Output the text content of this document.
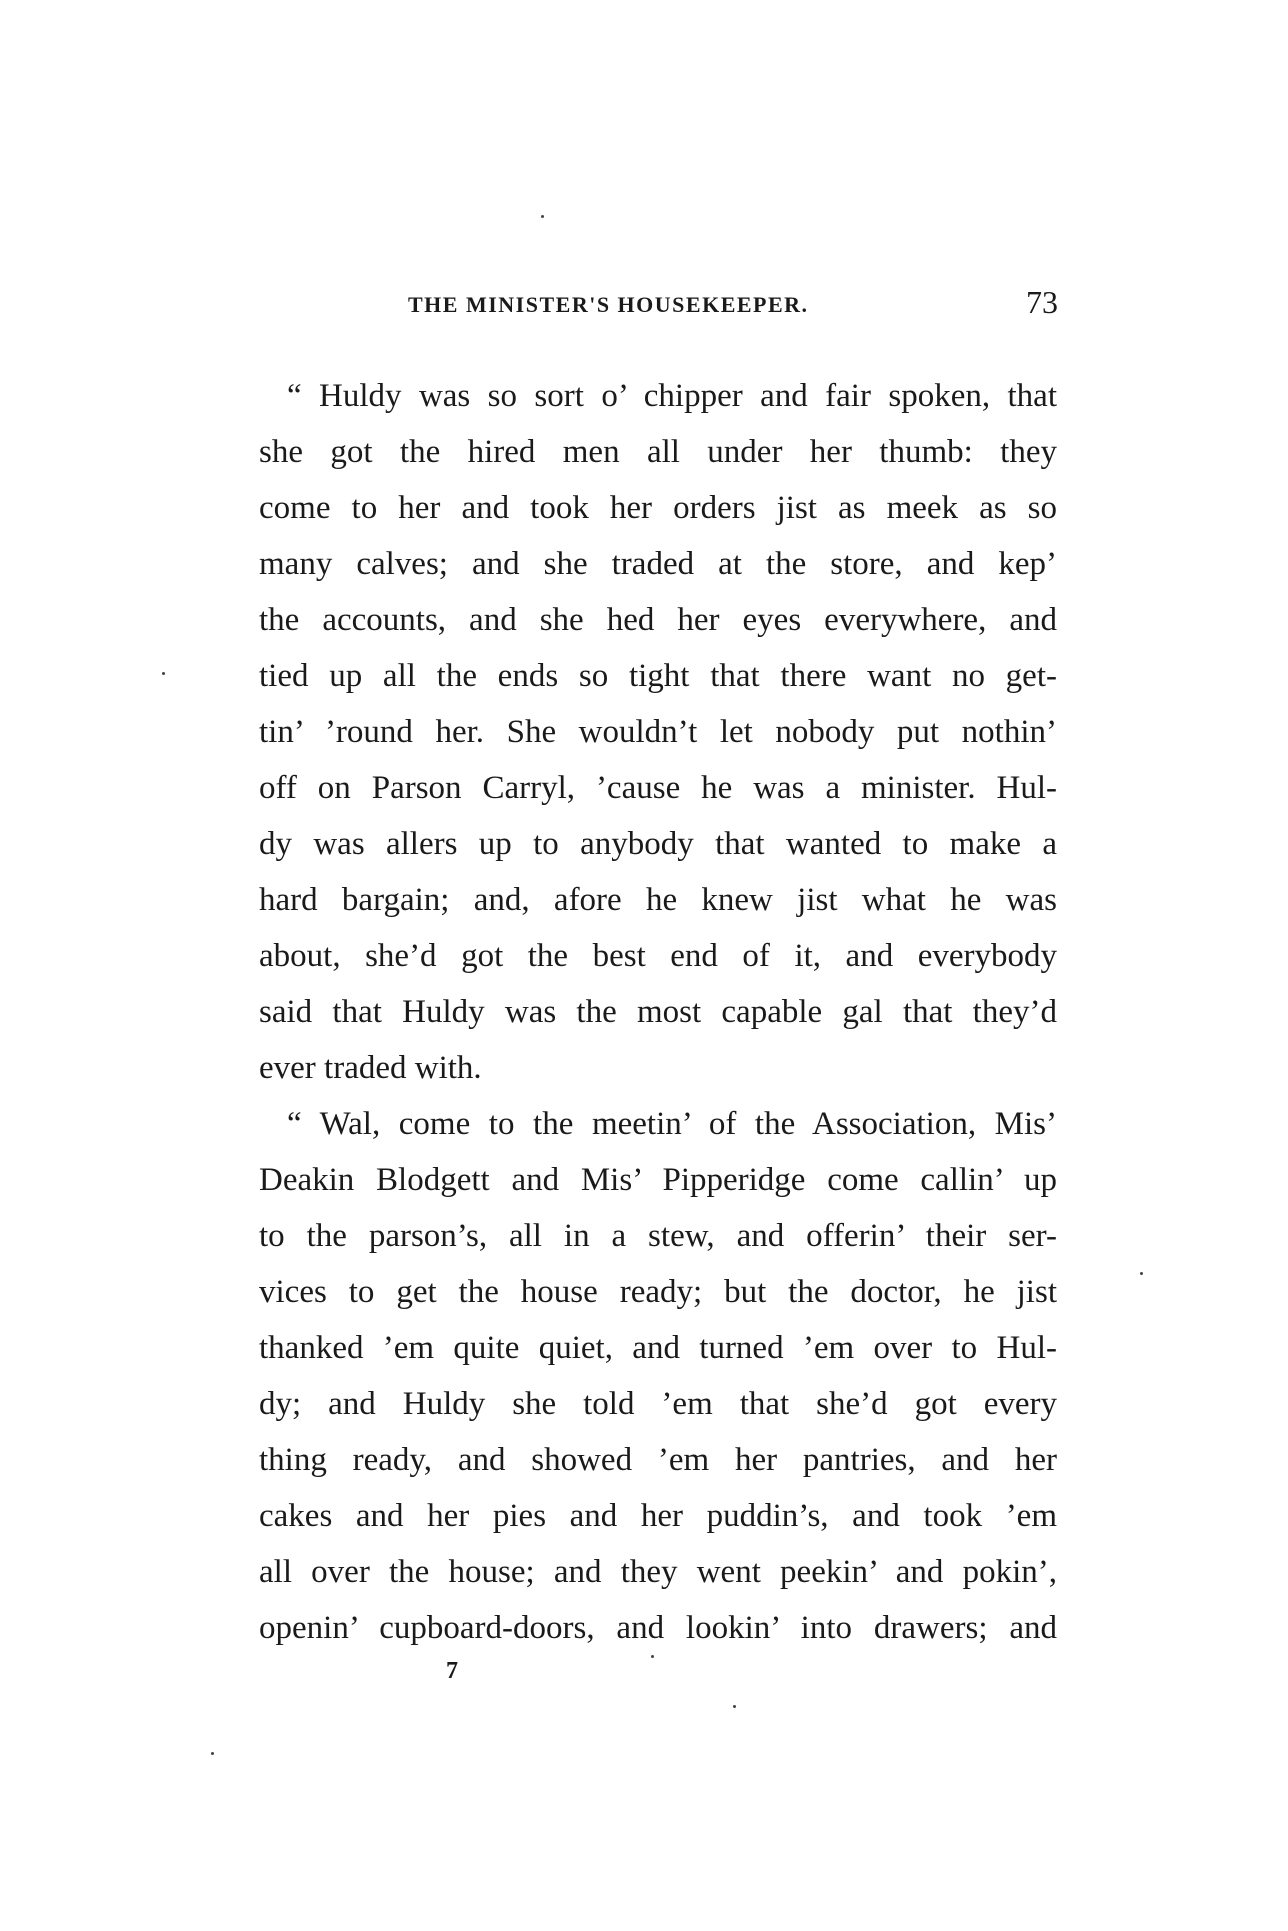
THE MINISTER'S HOUSEKEEPER.	73

“ Huldy was so sort o’ chipper and fair spoken, that
she got the hired men all under her thumb: they
come to her and took her orders jist as meek as so
many calves; and she traded at the store, and kep’
the accounts, and she hed her eyes everywhere, and
tied up all the ends so tight that there want no get-
tin’ ’round her. She wouldn’t let nobody put nothin’
off on Parson Carryl, ’cause he was a minister. Hul-
dy was allers up to anybody that wanted to make a
hard bargain; and, afore he knew jist what he was
about, she’d got the best end of it, and everybody
said that Huldy was the most capable gal that they’d
ever traded with.

“ Wal, come to the meetin’ of the Association, Mis’
Deakin Blodgett and Mis’ Pipperidge come callin’ up
to the parson’s, all in a stew, and offerin’ their ser-
vices to get the house ready; but the doctor, he jist
thanked ’em quite quiet, and turned ’em over to Hul-
dy; and Huldy she told ’em that she’d got every
thing ready, and showed ’em her pantries, and her
cakes and her pies and her puddin’s, and took ’em
all over the house; and they went peekin’ and pokin’,
openin’ cupboard-doors, and lookin’ into drawers; and

7
